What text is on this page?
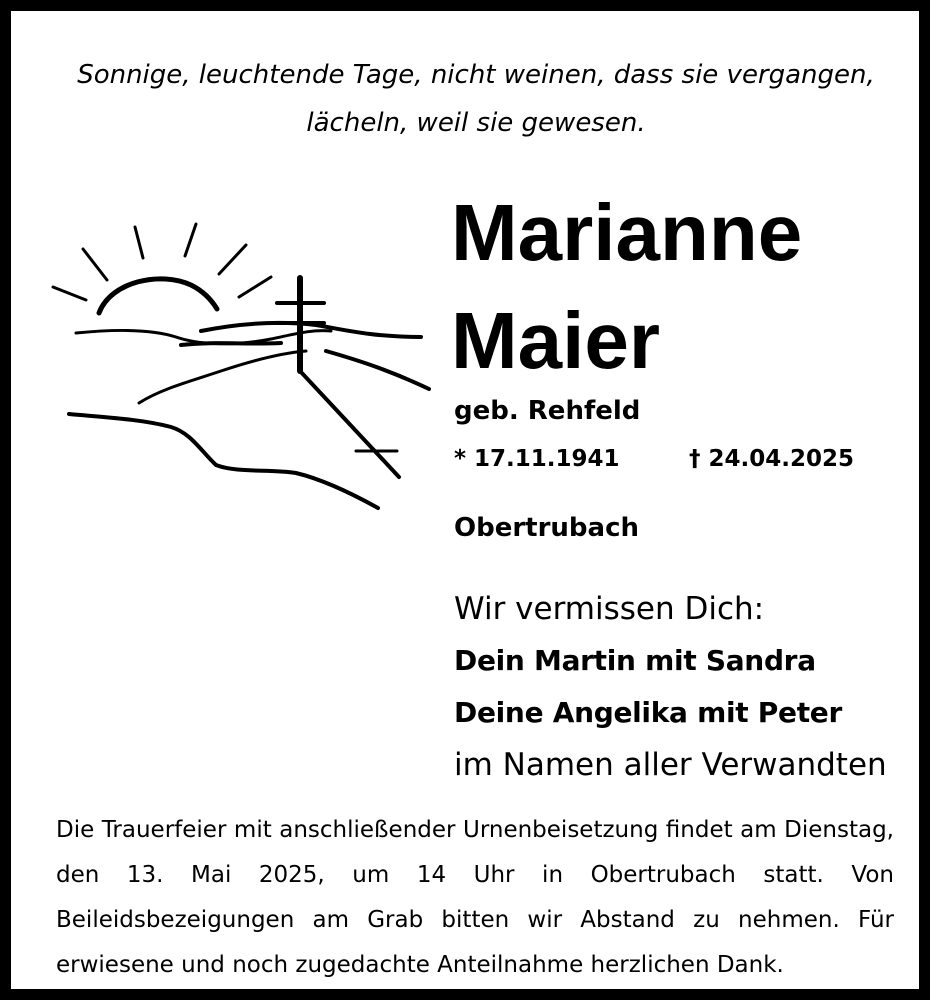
Sonnige, leuchtende Tage, nicht weinen, dass sie vergangen,
lächeln, weil sie gewesen.
Marianne
Maier
geb. Rehfeld
* 17.11.1941	† 24.04.2025
Obertrubach
Wir vermissen Dich:
Dein Martin mit Sandra
Deine Angelika mit Peter
im Namen aller Verwandten
Die Trauerfeier mit anschließender Urnenbeisetzung findet am Dienstag, den 13. Mai 2025, um 14 Uhr in Obertrubach statt. Von Beileidsbezeigungen am Grab bitten wir Abstand zu nehmen. Für erwiesene und noch zugedachte Anteilnahme herzlichen Dank.
